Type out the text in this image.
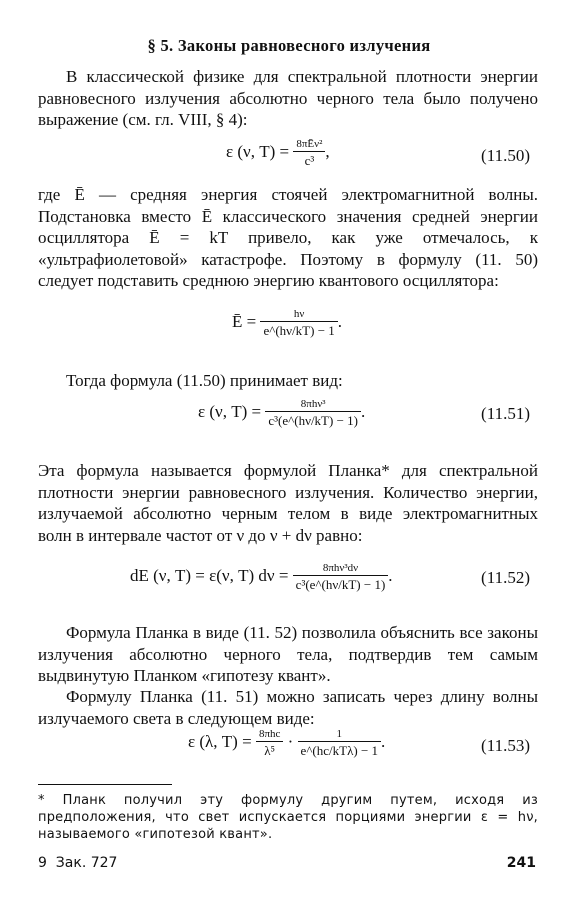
§ 5. Законы равновесного излучения
В классической физике для спектральной плотности энергии равновесного излучения абсолютно черного тела было получено выражение (см. гл. VIII, § 4):
ε (ν, $T) = \frac{\text{8πĒν²}}{\text{c³}}$ ,	(11.50)
где Ē — средняя энергия стоячей электромагнитной волны. Подстановка вместо Ē классического значения средней энергии осциллятора Ē = kT привело, как уже отмечалось, к «ультрафиолетовой» катастрофе. Поэтому в формулу (11. 50) следует подставить среднюю энергию квантового осциллятора:
Ē = $\frac{h\nu}{e\^{}(h\nu/kT) - 1}$ .
Тогда формула (11.50) принимает вид:
ε (ν, $T) = \frac{\text{8πhν³}}{\text{c³(e\textasciicircum{}(hν/kT) − 1)}}$ .	(11.51)
Эта формула называется формулой Планка* для спектральной плотности энергии равновесного излучения. Количество энергии, излучаемой абсолютно черным телом в виде электромагнитных волн в интервале частот от ν до ν + dν равно:
dE (ν, T) = ε(ν, T) $d\nu = \frac{\text{8πhν³dν}}{\text{c³(e\textasciicircum{}(hν/kT) − 1)}}$ .	(11.52)
Формула Планка в виде (11. 52) позволила объяснить все законы излучения абсолютно черного тела, подтвердив тем самым выдвинутую Планком «гипотезу квант».
Формулу Планка (11. 51) можно записать через длину волны излучаемого света в следующем виде:
ε (λ, $T) = \frac{\text{8πhc}}{\text{λ⁵}} \cdot \frac{1}{\text{e\textasciicircum{}(hc/kTλ) − 1}}$ .	(11.53)
* Планк получил эту формулу другим путем, исходя из предположения, что свет испускается порциями энергии ε = hν, называемого «гипотезой квант».
9  Зак. 727	241
